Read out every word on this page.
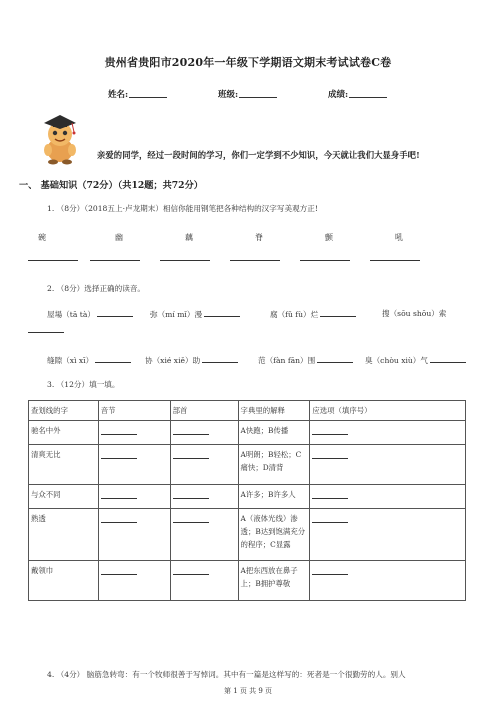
贵州省贵阳市2020年一年级下学期语文期末考试试卷C卷
姓名:	班级:	成绩:
亲爱的同学，经过一段时间的学习，你们一定学到不少知识，今天就让我们大显身手吧!
一、 基础知识（72分）（共12题；共72分）
1. （8分）（2018五上·卢龙期末）相信你能用钢笔把各种结构的汉字写美观方正!
碗	幽	藕	脊	颤	吼
2. （8分）选择正确的读音。
屋場（tā tà）	弥（mí mǐ）漫	腐（fǔ fù）烂	搜（sōu shōu）索
缝隙（xì xī）	协（xié xiě）助	范（fàn fān）围	臭（chòu xiù）气
3. （12分）填一填。
查划线的字	音节	部首	字典里的解释	应选项（填序号）
驰名中外			A快跑；B传播	
清爽无比			A明朗；B轻松；C痛快；D清背	
与众不同			A许多；B许多人	
熟透			A（液体光线）渗透；B达到饱满充分的程序；C显露	
戴领巾			A把东西放在鼻子上；B拥护尊敬	
4. （4分） 脑筋急转弯：有一个牧师很善于写悼词。其中有一篇是这样写的：死者是一个很勤劳的人。别人
第 1 页 共 9 页
